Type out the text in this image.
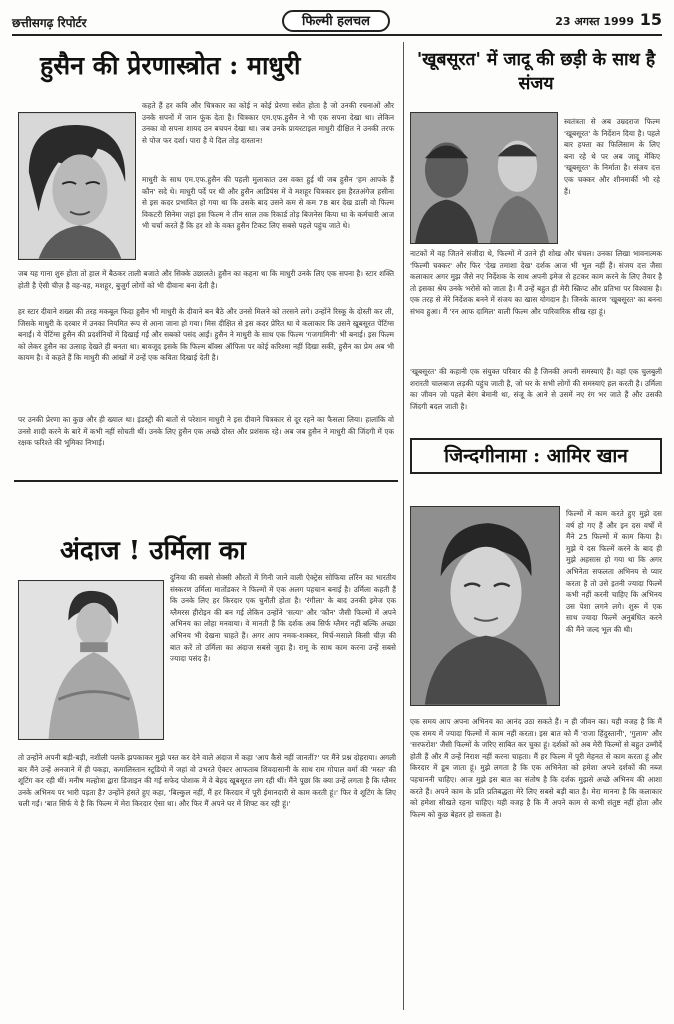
छत्तीसगढ़ रिपोर्टर	फिल्मी हलचल	23 अगस्त 1999 15
हुसैन की प्रेरणास्त्रोत : माधुरी
कहते हैं हर कवि और चित्रकार का कोई न कोई प्रेरणा स्त्रोत होता है जो उनकी रचनाओं और उनके सपनों में जान फूंक देता है। चित्रकार एम.एफ.हुसैन ने भी एक सपना देखा था। लेकिन उनका वो सपना शायद उन बचपन देखा था। जब उनके प्रायरटाइल माधुरी दीक्षित ने उनकी तरफ से पोज फर दर्शा। पारा है ये दिल तोड़ दास्तान!
माधुरी के साथ एम.एफ.हुसैन की पहली मुलाकात उस वक्त हुई थी जब हुसैन 'हम आपके हैं कौन' सदे थे। माधुरी पर्दे पर थी और हुसैन आडियंस में वे मशहूर चित्रकार इस हैरतअंगेज हसीना से इस कदर प्रभावित हो गया था कि उसके बाद उसने कम से कम 78 बार देख डाली वो फिल्म विकटरी सिनेमा जहां इस फिल्म ने तीन साल तक रिकार्ड तोड़ बिजनेस किया था के कर्मचारी आज भी चर्चा करते हैं कि हर शो के वक्त हुसैन टिकट लिए सबसे पहले पहुंच जाते थे।
जब यह गाना शुरु होता तो हाल में बैठकर ताली बजाते और सिक्के उछालते। हुसैन का कहना था कि माधुरी उनके लिए एक सपना है। स्टार शक्ति होती है ऐसी चीज़ है वह-वह, मशहूर, बुजुर्ग लोगों को भी दीवाना बना देती है।
हर स्टार दीवाने शख्स की तरह मकबूल फिदा हुसैन भी माधुरी के दीवाने बन बैठे और उनसे मिलने को तरसने लगे। उन्होंने रिस्कू के दोस्ती कर ली, जिसके माधुरी के दरबार में उनका नियमित रूप से आना जाना हो गया। मिस दीक्षित से इस कदर प्रेरित था ये कलाकार कि उसने खूबसूरत पेंटिंग्स बनाईं। ये पेंटिंग्स हुसैन की प्रदर्शनियों में दिखाई गईं और सबको पसंद आईं। हुसैन ने माधुरी के साथ एक फिल्म 'गजगामिनी' भी बनाई। इस फिल्म को लेकर हुसैन का उत्साह देखते ही बनता था। बावजूद इसके कि फिल्म बॉक्स ऑफिस पर कोई करिश्मा नहीं दिखा सकी, हुसैन का प्रेम अब भी कायम है। वे कहते हैं कि माधुरी की आंखों में उन्हें एक कविता दिखाई देती है।
पर उनकी प्रेरणा का कुछ और ही ख्याल था। इंडस्ट्री की बातों से परेशान माधुरी ने इस दीवाने चित्रकार से दूर रहने का फैसला लिया। हालांकि वो उनसे शादी करने के बारे में कभी नहीं सोचती थीं। उनके लिए हुसैन एक अच्छे दोस्त और प्रशंसक रहे। अब जब हुसैन ने माधुरी की जिंदगी में एक रक्षक फरिश्ते की भूमिका निभाई।
अंदाज ! उर्मिला का
दुनिया की सबसे सेक्सी औरतों में गिनी जाने वाली ऐक्ट्रेस सोफिया लॉरेन का भारतीय संस्करण उर्मिला मातोंडकर ने फिल्मों में एक अलग पहचान बनाई है। उर्मिला कहती हैं कि उनके लिए हर किरदार एक चुनौती होता है। 'रंगीला' के बाद उनकी इमेज एक ग्लैमरस हीरोइन की बन गई लेकिन उन्होंने 'सत्या' और 'कौन' जैसी फिल्मों में अपने अभिनय का लोहा मनवाया। वे मानती हैं कि दर्शक अब सिर्फ ग्लैमर नहीं बल्कि अच्छा अभिनय भी देखना चाहते हैं। अगर आप नमक-शक्कर, मिर्च-मसाले किसी चीज़ की बात करें तो उर्मिला का अंदाज सबसे जुदा है। रामू के साथ काम करना उन्हें सबसे ज्यादा पसंद है।
तो उन्होंने अपनी बड़ी-बड़ी, नशीली पलकें झपकाकर मुझे पस्त कर देने वाले अंदाज में कहा 'आप कैसे नहीं जानतीं?' पर मैंने प्रश्न दोहराया। अगली बार मैंने उन्हें अनजाने में ही पकड़ा, कमालिस्तान स्टूडियो में जहां वो उभरते ऐक्टर आफताब शिवदासानी के साथ राम गोपाल वर्मा की 'मस्त' की शूटिंग कर रही थीं। मनीष मल्होत्रा द्वारा डिजाइन की गई सफेद पोशाक में वे बेहद खूबसूरत लग रही थीं। मैंने पूछा कि क्या उन्हें लगता है कि ग्लैमर उनके अभिनय पर भारी पड़ता है? उन्होंने हंसते हुए कहा, 'बिल्कुल नहीं, मैं हर किरदार में पूरी ईमानदारी से काम करती हूं।' फिर वे शूटिंग के लिए चली गईं। 'बात सिर्फ ये है कि फिल्म में मेरा किरदार ऐसा था। और फिर मैं अपने घर में शिफ्ट कर रही हूं।'
'खूबसूरत' में जादू की छड़ी के साथ है संजय
स्वतंत्रता से अब उम्रदराज फिल्म 'खूबसूरत' के निर्देशन दिया है। पहले बार हफ्ता का फिलिसाम के लिए बना रहे थे पर अब जादू मेंकिए 'खूबसूरत' के निर्माता है। संजय दत्त एक चक्कर और शीनमार्की भी रहे हैं।
नाटकों में वह जितने संजीदा थे, फिल्मों में उतने ही शोख और चंचल। उनका लिखा भावनात्मक 'फिल्मी चक्कर' और फिर 'देख तमाशा देख' दर्शक आज भी भूल नहीं हैं। संजय दत्त जैसा कलाकार अगर मुझ जैसे नए निर्देशक के साथ अपनी इमेज से हटकर काम करने के लिए तैयार है तो इसका श्रेय उनके भरोसे को जाता है। मैं उन्हें बहुत ही मेरी स्क्रिप्ट और प्रतिभा पर विश्वास है। एक तरह से मेरे निर्देशक बनने में संजय का खास योगदान है। जिनके कारण 'खूबसूरत' का बनना संभव हुआ। मैं 'रन आफ दामिल' वाली फिल्म और पारिवारिक सीख रहा हूं।
'खूबसूरत' की कहानी एक संयुक्त परिवार की है जिनकी अपनी समस्याएं हैं। वहां एक चुलबुली शरारती चालबाज लड़की पहुंच जाती है, जो घर के सभी लोगों की समस्याएं हल करती है। उर्मिला का जीवन जो पहले बेरंग बेमानी था, संजू के आने से उसमें नए रंग भर जाते हैं और उसकी जिंदगी बदल जाती है।
जिन्दगीनामा : आमिर खान
फिल्मों में काम करते हुए मुझे दस वर्ष हो गए हैं और इन दस वर्षों में मैंने 25 फिल्मों में काम किया है। मुझे ये दस फिल्में करने के बाद ही मुझे अहसास हो गया था कि अगर अभिनेता सफलता अभिनय से प्यार करता है तो उसे इतनी ज्यादा फिल्में कभी नहीं करनी चाहिए कि अभिनय उस पेशा लगने लगे। शुरू में एक साथ ज्यादा फिल्में अनुबंधित करने की मैंने जल्द भूल की थी।
एक समय आप अपना अभिनय का आनंद उठा सकते हैं। न ही जीवन का। यही वजह है कि मैं एक समय में ज्यादा फिल्मों में काम नहीं करता। इस बात को मैं 'राजा हिंदुस्तानी', 'गुलाम' और 'सरफरोश' जैसी फिल्मों के जरिए साबित कर चुका हूं। दर्शकों को अब मेरी फिल्मों से बहुत उम्मीदें होती हैं और मैं उन्हें निराश नहीं करना चाहता। मैं हर फिल्म में पूरी मेहनत से काम करता हूं और किरदार में डूब जाता हूं। मुझे लगता है कि एक अभिनेता को हमेशा अपने दर्शकों की नब्ज पहचाननी चाहिए। आज मुझे इस बात का संतोष है कि दर्शक मुझसे अच्छे अभिनय की आशा करते हैं। अपने काम के प्रति प्रतिबद्धता मेरे लिए सबसे बड़ी बात है। मेरा मानना है कि कलाकार को हमेशा सीखते रहना चाहिए। यही वजह है कि मैं अपने काम से कभी संतुष्ट नहीं होता और फिल्म को कुछ बेहतर हो सकता है।
